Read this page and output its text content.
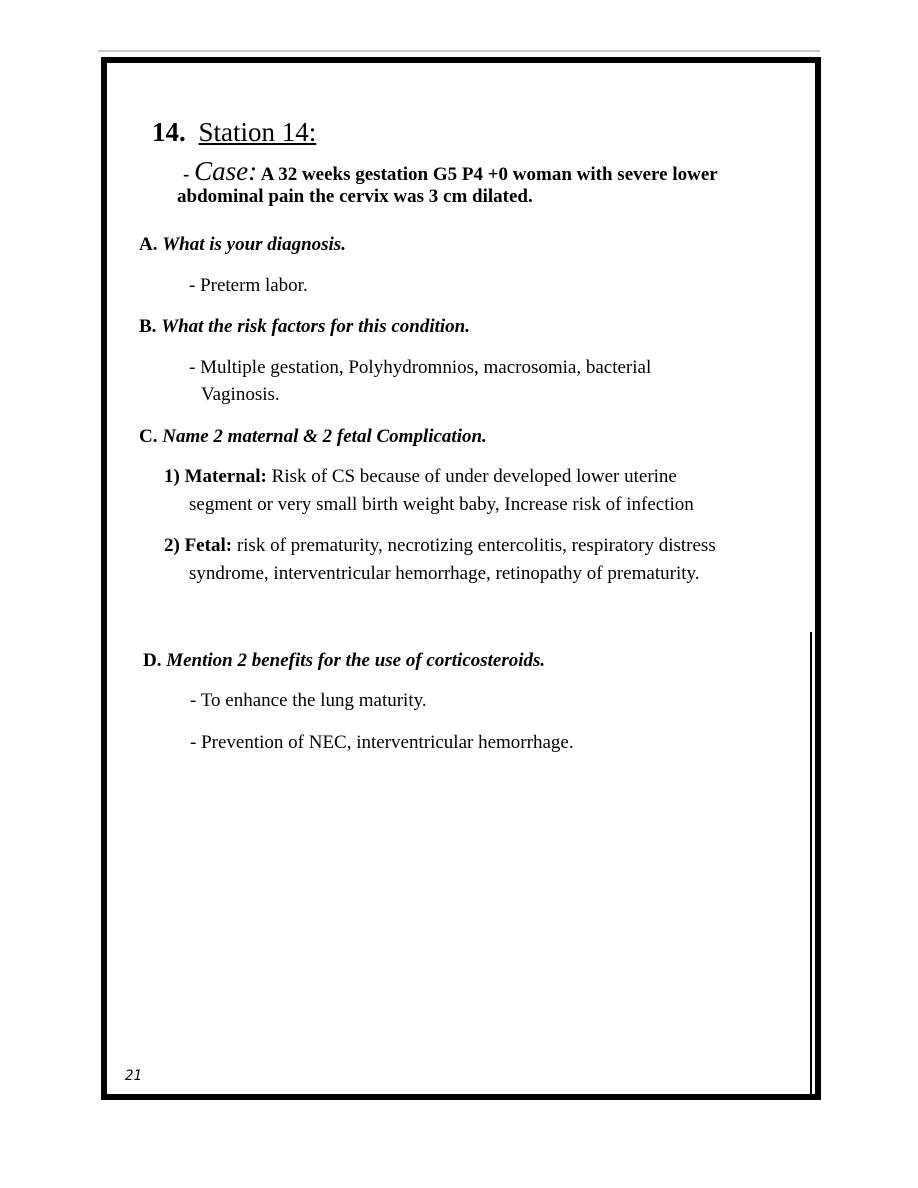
14. Station 14:
- Case: A 32 weeks gestation G5 P4 +0 woman with severe lower
abdominal pain the cervix was 3 cm dilated.
A. What is your diagnosis.
- Preterm labor.
B. What the risk factors for this condition.
- Multiple gestation, Polyhydromnios, macrosomia, bacterial
Vaginosis.
C. Name 2 maternal & 2 fetal Complication.
1) Maternal: Risk of CS because of under developed lower uterine
segment or very small birth weight baby, Increase risk of infection
2) Fetal: risk of prematurity, necrotizing entercolitis, respiratory distress
syndrome, interventricular hemorrhage, retinopathy of prematurity.
D. Mention 2 benefits for the use of corticosteroids.
- To enhance the lung maturity.
- Prevention of NEC, interventricular hemorrhage.
21
